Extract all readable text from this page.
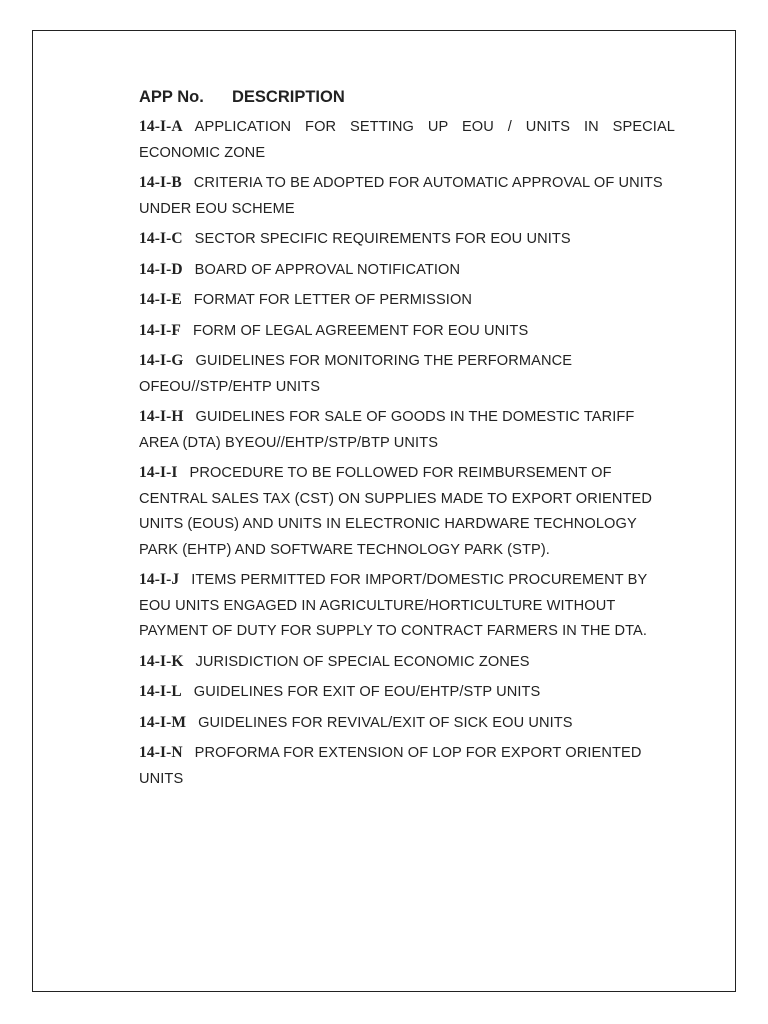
APP No. DESCRIPTION
14-I-A APPLICATION FOR SETTING UP EOU / UNITS IN SPECIAL ECONOMIC ZONE
14-I-B CRITERIA TO BE ADOPTED FOR AUTOMATIC APPROVAL OF UNITS UNDER EOU SCHEME
14-I-C SECTOR SPECIFIC REQUIREMENTS FOR EOU UNITS
14-I-D BOARD OF APPROVAL NOTIFICATION
14-I-E FORMAT FOR LETTER OF PERMISSION
14-I-F FORM OF LEGAL AGREEMENT FOR EOU UNITS
14-I-G GUIDELINES FOR MONITORING THE PERFORMANCE OFEOU//STP/EHTP UNITS
14-I-H GUIDELINES FOR SALE OF GOODS IN THE DOMESTIC TARIFF AREA (DTA) BYEOU//EHTP/STP/BTP UNITS
14-I-I PROCEDURE TO BE FOLLOWED FOR REIMBURSEMENT OF CENTRAL SALES TAX (CST) ON SUPPLIES MADE TO EXPORT ORIENTED UNITS (EOUS) AND UNITS IN ELECTRONIC HARDWARE TECHNOLOGY PARK (EHTP) AND SOFTWARE TECHNOLOGY PARK (STP).
14-I-J ITEMS PERMITTED FOR IMPORT/DOMESTIC PROCUREMENT BY EOU UNITS ENGAGED IN AGRICULTURE/HORTICULTURE WITHOUT PAYMENT OF DUTY FOR SUPPLY TO CONTRACT FARMERS IN THE DTA.
14-I-K JURISDICTION OF SPECIAL ECONOMIC ZONES
14-I-L GUIDELINES FOR EXIT OF EOU/EHTP/STP UNITS
14-I-M GUIDELINES FOR REVIVAL/EXIT OF SICK EOU UNITS
14-I-N PROFORMA FOR EXTENSION OF LOP FOR EXPORT ORIENTED UNITS
